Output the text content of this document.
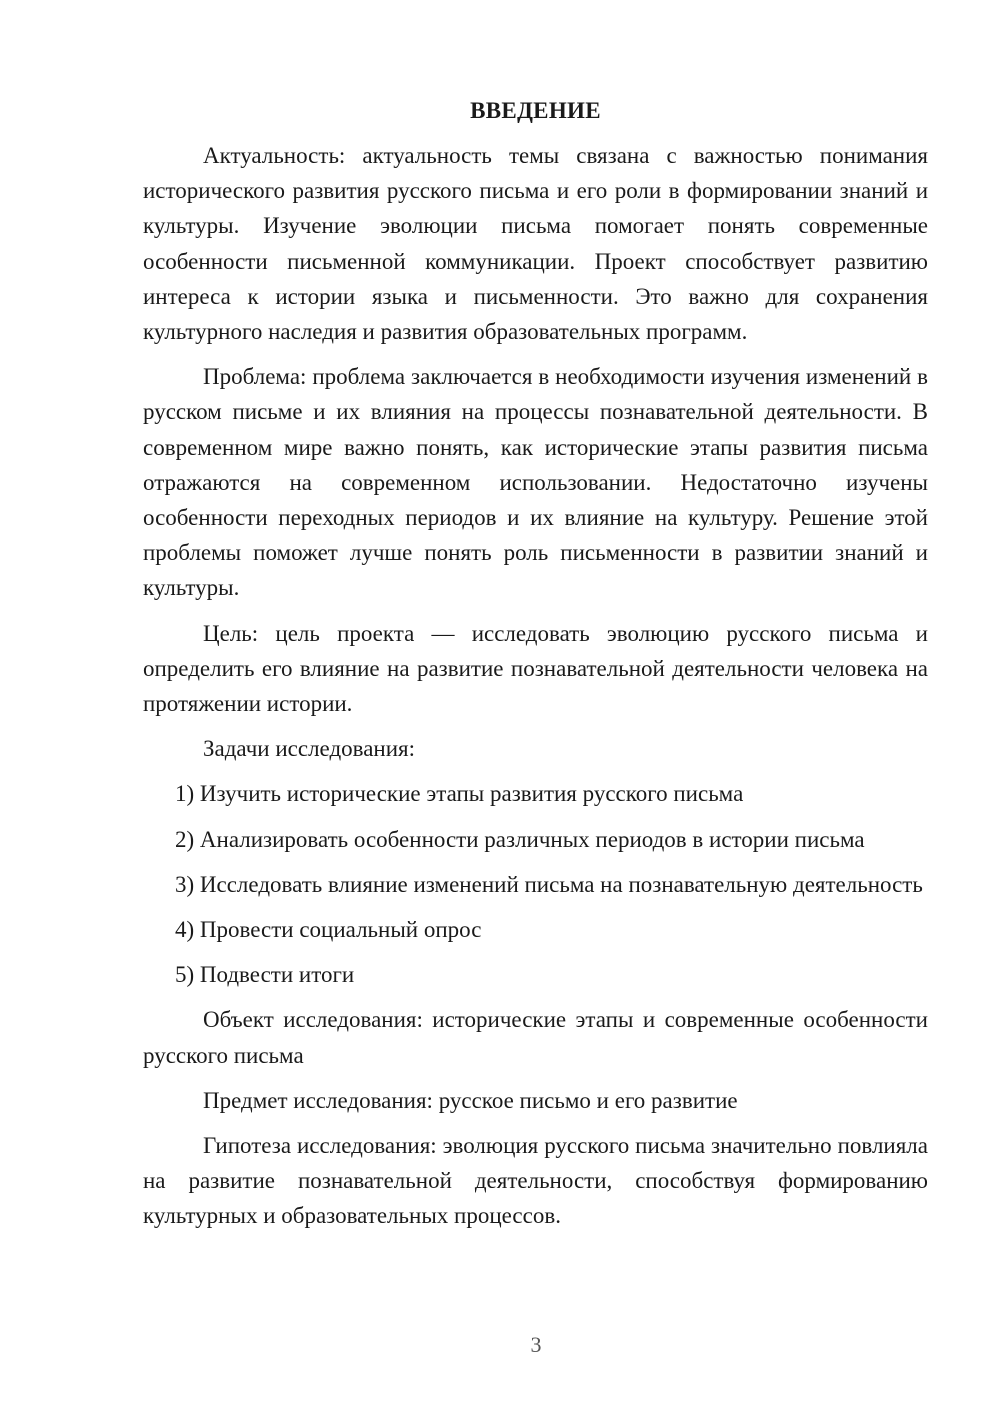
ВВЕДЕНИЕ
Актуальность: актуальность темы связана с важностью понимания исторического развития русского письма и его роли в формировании знаний и культуры. Изучение эволюции письма помогает понять современные особенности письменной коммуникации. Проект способствует развитию интереса к истории языка и письменности. Это важно для сохранения культурного наследия и развития образовательных программ.
Проблема: проблема заключается в необходимости изучения изменений в русском письме и их влияния на процессы познавательной деятельности. В современном мире важно понять, как исторические этапы развития письма отражаются на современном использовании. Недостаточно изучены особенности переходных периодов и их влияние на культуру. Решение этой проблемы поможет лучше понять роль письменности в развитии знаний и культуры.
Цель: цель проекта — исследовать эволюцию русского письма и определить его влияние на развитие познавательной деятельности человека на протяжении истории.
Задачи исследования:
1) Изучить исторические этапы развития русского письма
2) Анализировать особенности различных периодов в истории письма
3) Исследовать влияние изменений письма на познавательную деятельность
4) Провести социальный опрос
5) Подвести итоги
Объект исследования: исторические этапы и современные особенности русского письма
Предмет исследования: русское письмо и его развитие
Гипотеза исследования: эволюция русского письма значительно повлияла на развитие познавательной деятельности, способствуя формированию культурных и образовательных процессов.
3
